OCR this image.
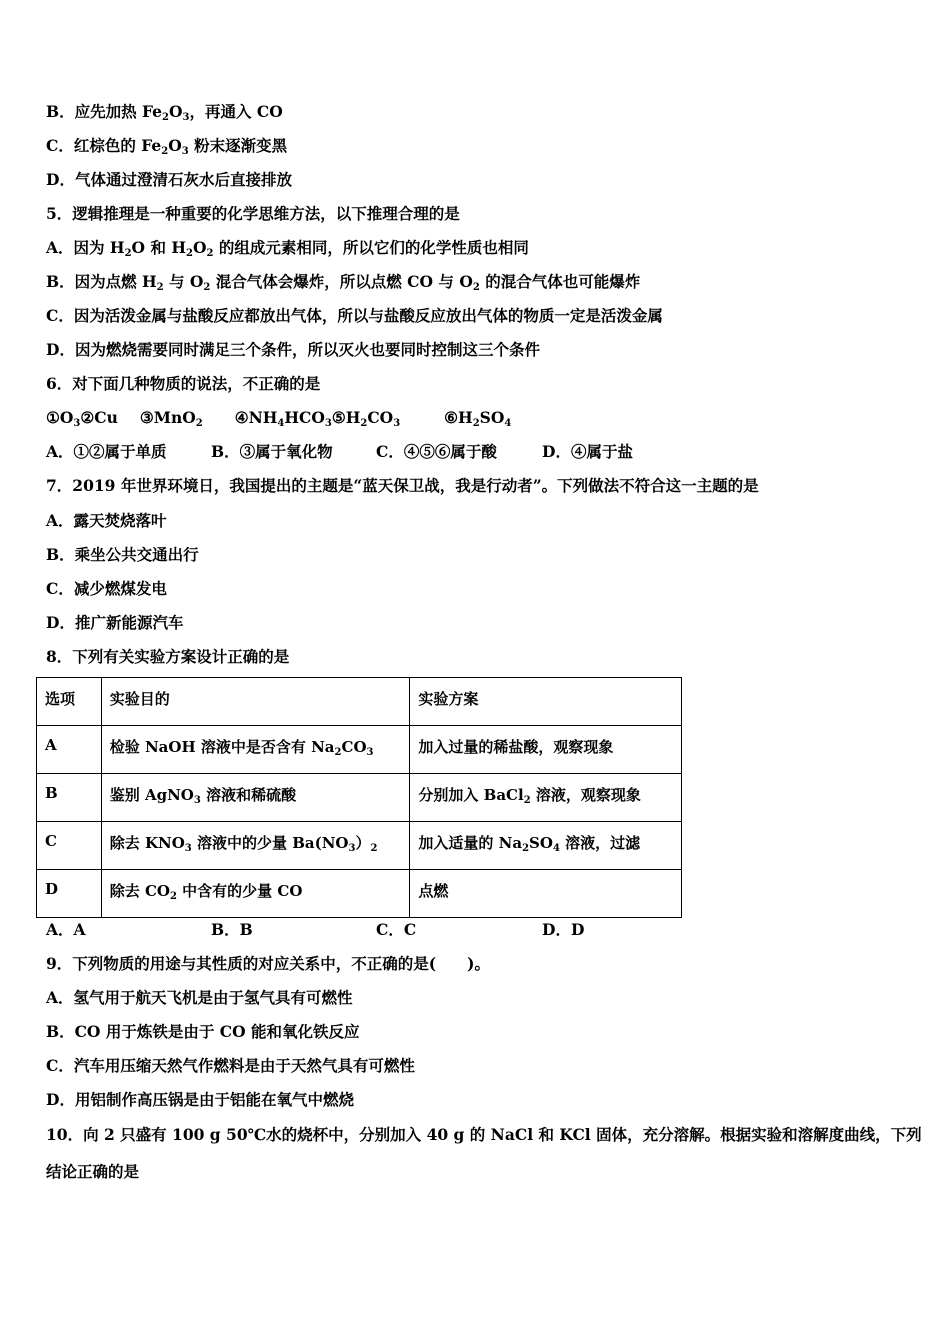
B．应先加热 $Fe_2O_3$，再通入 CO
C．红棕色的 $Fe_2O_3$ 粉末逐渐变黑
D．气体通过澄清石灰水后直接排放
5．逻辑推理是一种重要的化学思维方法，以下推理合理的是
A．因为 $H_2O$ 和 $H_2O_2$ 的组成元素相同，所以它们的化学性质也相同
B．因为点燃 $H_2$ 与 $O_2$ 混合气体会爆炸，所以点燃 CO 与 $O_2$ 的混合气体也可能爆炸
C．因为活泼金属与盐酸反应都放出气体，所以与盐酸反应放出气体的物质一定是活泼金属
D．因为燃烧需要同时满足三个条件，所以灭火也要同时控制这三个条件
6．对下面几种物质的说法，不正确的是
$①O_3②Cu$ ③MnO$_2$ $④NH_4HCO_3⑤H_2CO_3$	$⑥H_2SO_4$
A．①②属于单质	B．③属于氧化物	C．④⑤⑥属于酸	D．④属于盐
7．2019 年世界环境日，我国提出的主题是“蓝天保卫战，我是行动者”。下列做法不符合这一主题的是
A．露天焚烧落叶
B．乘坐公共交通出行
C．减少燃煤发电
D．推广新能源汽车
8．下列有关实验方案设计正确的是
选项	实验目的	实验方案
A	检验 NaOH 溶液中是否含有 $Na_2CO_3$	加入过量的稀盐酸，观察现象
B	鉴别 AgNO$_3$ 溶液和稀硫酸	分别加入 BaCl$_2$ 溶液，观察现象
C	除去 $KNO_3$ 溶液中的少量 $Ba(NO_3)_2$	加入适量的 $Na_2SO_4$ 溶液，过滤
D	除去 $CO_2$ 中含有的少量 CO	点燃
A．A	B．B	C．C	D．D
9．下列物质的用途与其性质的对应关系中，不正确的是(　　)。
A．氢气用于航天飞机是由于氢气具有可燃性
B．CO 用于炼铁是由于 CO 能和氧化铁反应
C．汽车用压缩天然气作燃料是由于天然气具有可燃性
D．用铝制作高压锅是由于铝能在氧气中燃烧
10．向 2 只盛有 100 g 50℃水的烧杯中，分别加入 40 g 的 NaCl 和 KCl 固体，充分溶解。根据实验和溶解度曲线，下列
结论正确的是
